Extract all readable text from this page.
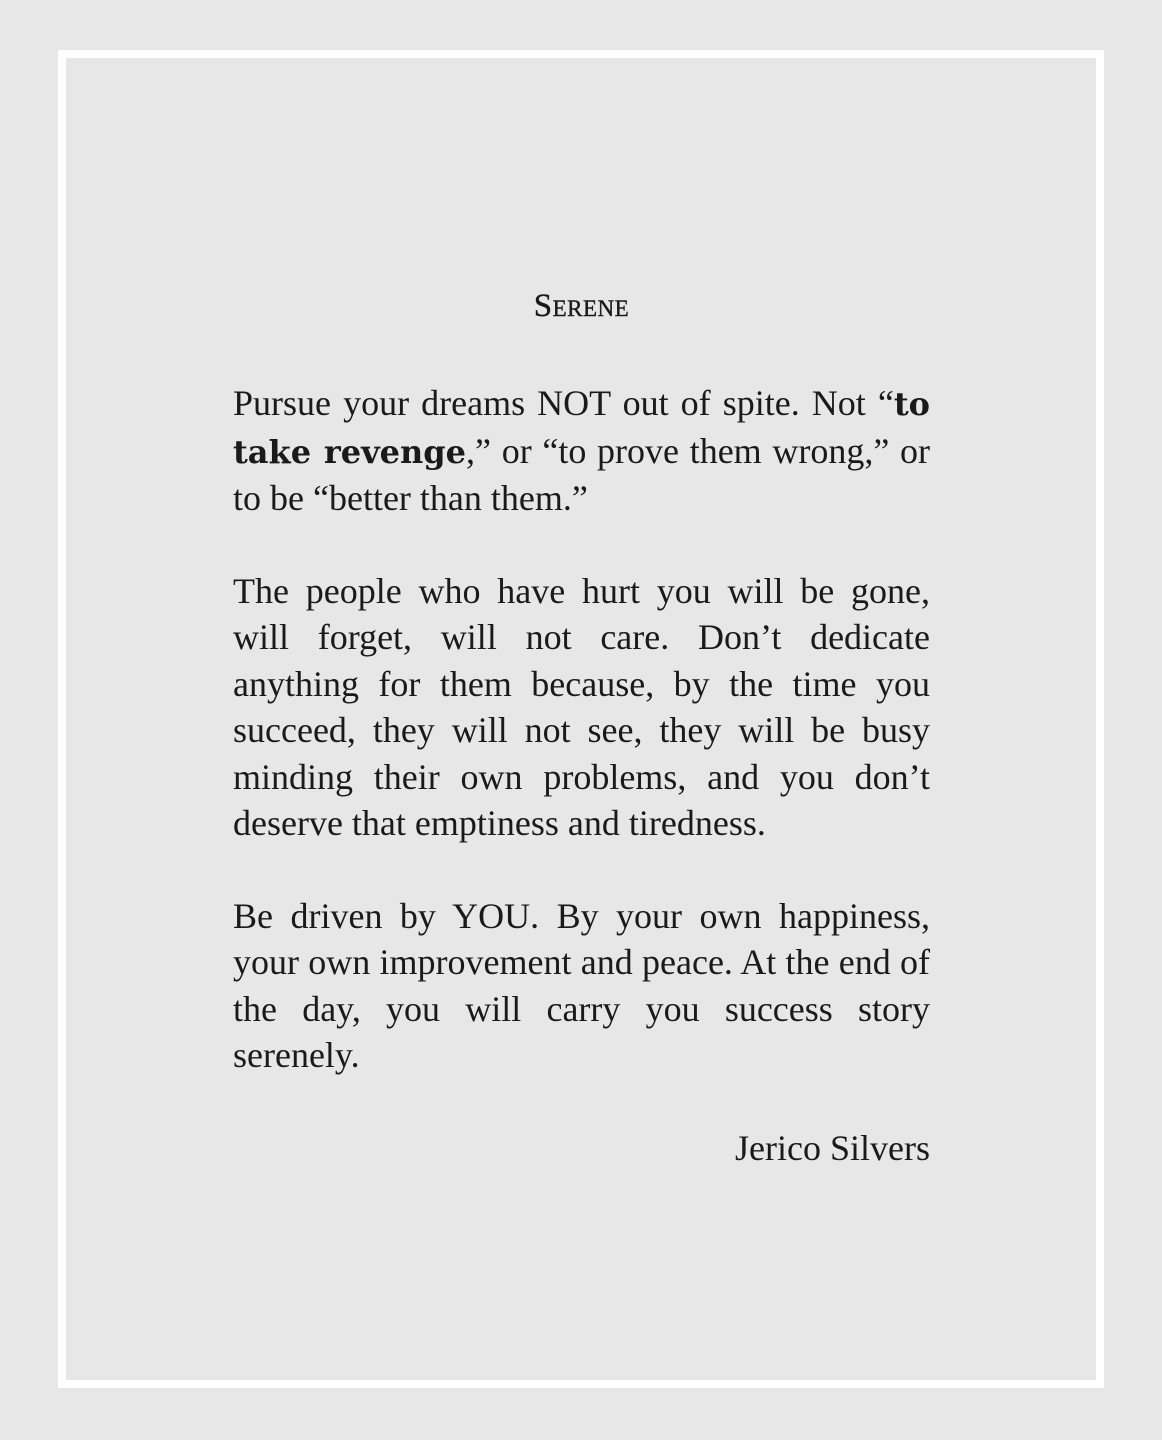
Serene

Pursue your dreams NOT out of spite. Not “to take revenge,” or “to prove them wrong,” or to be “better than them.”

The people who have hurt you will be gone, will forget, will not care. Don’t dedicate anything for them because, by the time you succeed, they will not see, they will be busy minding their own problems, and you don’t deserve that emptiness and tiredness.

Be driven by YOU. By your own happiness, your own improvement and peace. At the end of the day, you will carry you success story serenely.

Jerico Silvers
